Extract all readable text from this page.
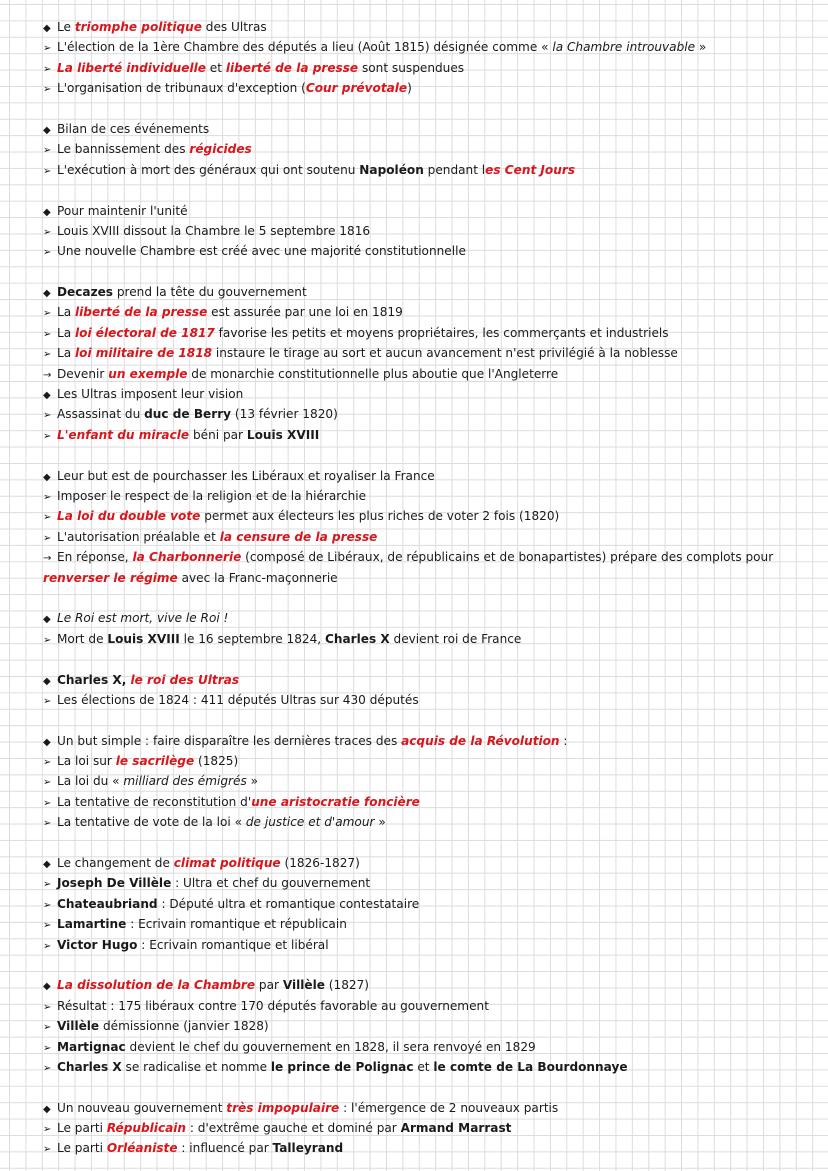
◆Le triomphe politique des Ultras
➢L'élection de la 1ère Chambre des députés a lieu (Août 1815) désignée comme « la Chambre introuvable »
➢La liberté individuelle et liberté de la presse sont suspendues
➢L'organisation de tribunaux d'exception (Cour prévotale)
◆Bilan de ces événements
➢Le bannissement des régicides
➢L'exécution à mort des généraux qui ont soutenu Napoléon pendant les Cent Jours
◆Pour maintenir l'unité
➢Louis XVIII dissout la Chambre le 5 septembre 1816
➢Une nouvelle Chambre est créé avec une majorité constitutionnelle
◆Decazes prend la tête du gouvernement
➢La liberté de la presse est assurée par une loi en 1819
➢La loi électoral de 1817 favorise les petits et moyens propriétaires, les commerçants et industriels
➢La loi militaire de 1818 instaure le tirage au sort et aucun avancement n'est privilégié à la noblesse
→Devenir un exemple de monarchie constitutionnelle plus aboutie que l'Angleterre
◆Les Ultras imposent leur vision
➢Assassinat du duc de Berry (13 février 1820)
➢L'enfant du miracle béni par Louis XVIII
◆Leur but est de pourchasser les Libéraux et royaliser la France
➢Imposer le respect de la religion et de la hiérarchie
➢La loi du double vote permet aux électeurs les plus riches de voter 2 fois (1820)
➢L'autorisation préalable et la censure de la presse
→En réponse, la Charbonnerie (composé de Libéraux, de républicains et de bonapartistes) prépare des complots pour
renverser le régime avec la Franc-maçonnerie
◆Le Roi est mort, vive le Roi !
➢Mort de Louis XVIII le 16 septembre 1824, Charles X devient roi de France
◆Charles X, le roi des Ultras
➢Les élections de 1824 : 411 députés Ultras sur 430 députés
◆Un but simple : faire disparaître les dernières traces des acquis de la Révolution :
➢La loi sur le sacrilège (1825)
➢La loi du « milliard des émigrés »
➢La tentative de reconstitution d'une aristocratie foncière
➢La tentative de vote de la loi « de justice et d'amour »
◆Le changement de climat politique (1826-1827)
➢Joseph De Villèle : Ultra et chef du gouvernement
➢Chateaubriand : Député ultra et romantique contestataire
➢Lamartine : Ecrivain romantique et républicain
➢Victor Hugo : Ecrivain romantique et libéral
◆La dissolution de la Chambre par Villèle (1827)
➢Résultat : 175 libéraux contre 170 députés favorable au gouvernement
➢Villèle démissionne (janvier 1828)
➢Martignac devient le chef du gouvernement en 1828, il sera renvoyé en 1829
➢Charles X se radicalise et nomme le prince de Polignac et le comte de La Bourdonnaye
◆Un nouveau gouvernement très impopulaire : l'émergence de 2 nouveaux partis
➢Le parti Républicain : d'extrême gauche et dominé par Armand Marrast
➢Le parti Orléaniste : influencé par Talleyrand
